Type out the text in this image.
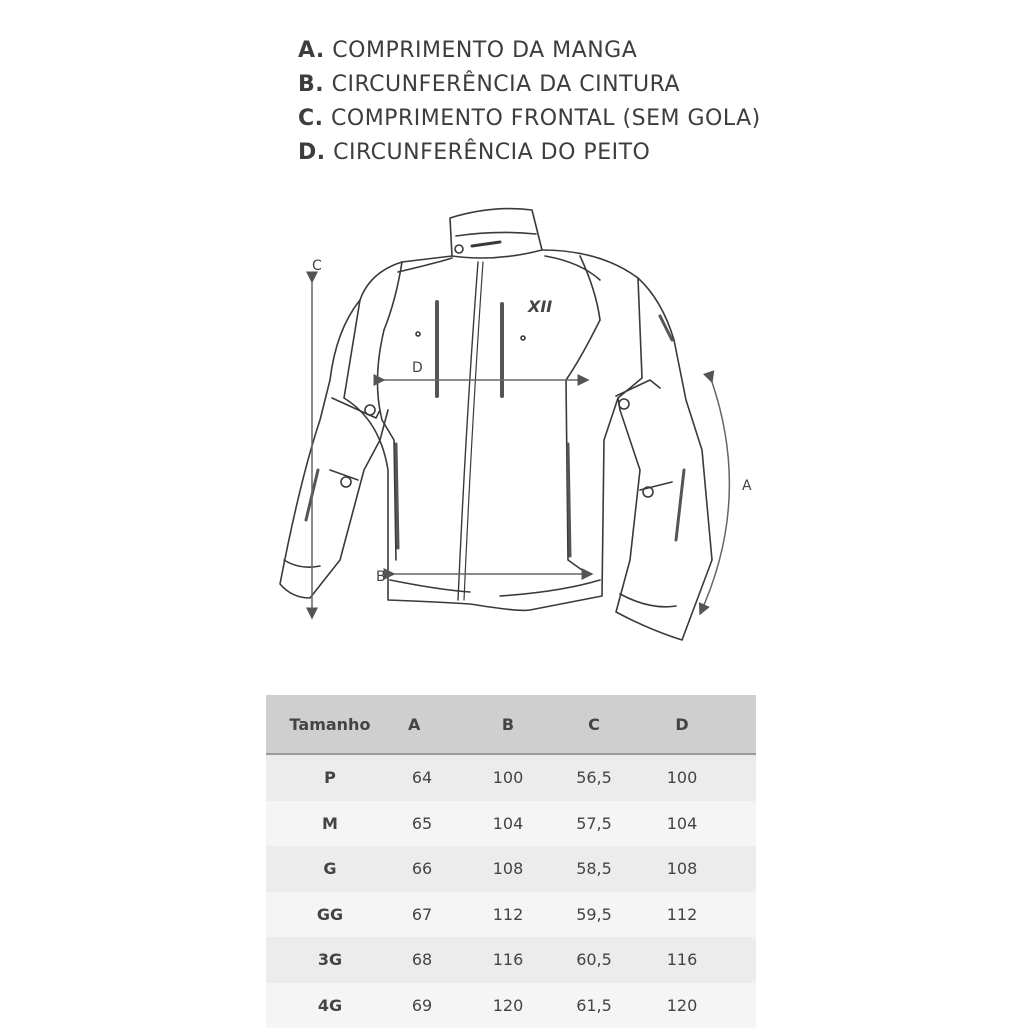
A. COMPRIMENTO DA MANGA
B. CIRCUNFERÊNCIA DA CINTURA
C. COMPRIMENTO FRONTAL (SEM GOLA)
D. CIRCUNFERÊNCIA DO PEITO
XII
C
D
B
A
Tamanho	A	B	C	D
P	64	100	56,5	100
M	65	104	57,5	104
G	66	108	58,5	108
GG	67	112	59,5	112
3G	68	116	60,5	116
4G	69	120	61,5	120
